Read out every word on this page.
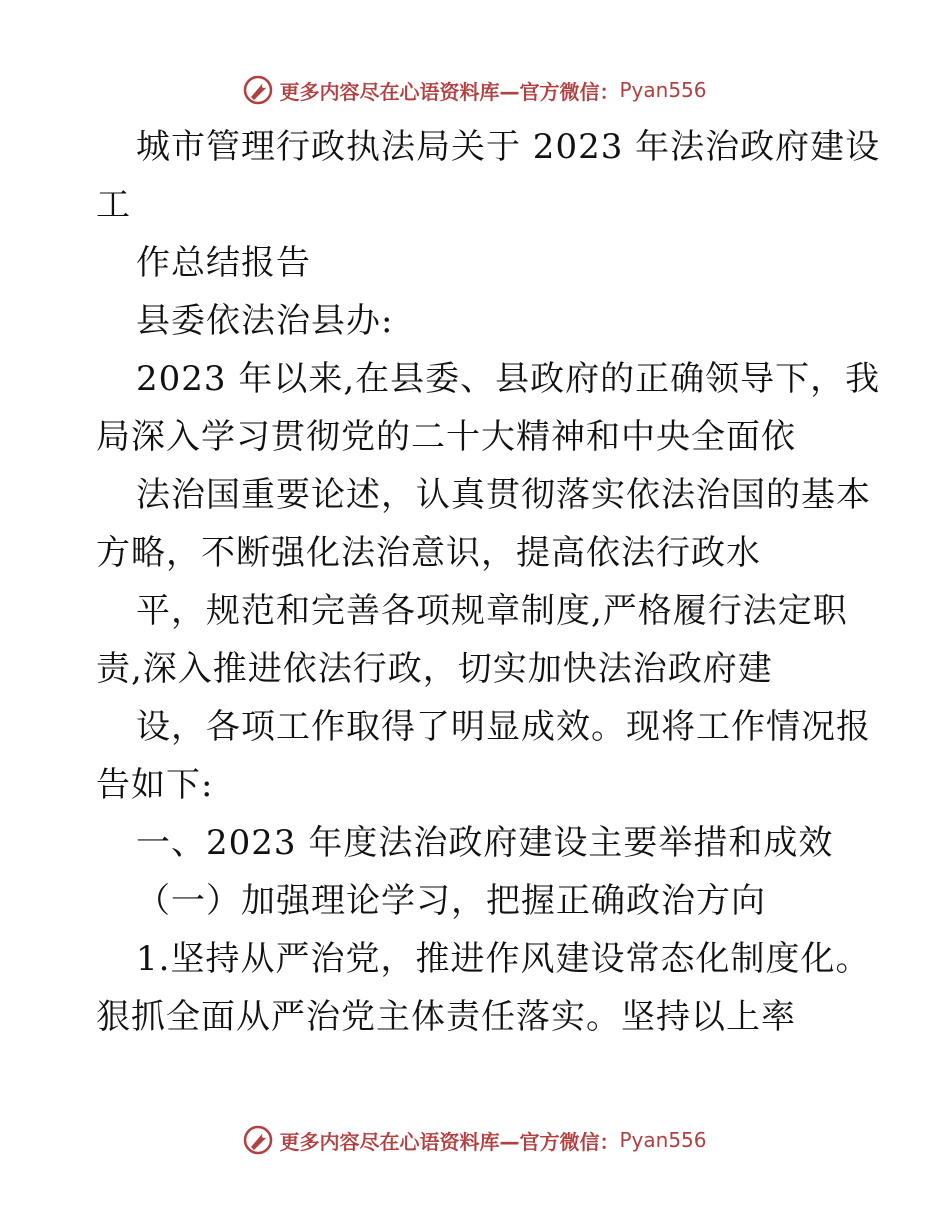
更多内容尽在心语资料库—官方微信： Pyan556
城市管理行政执法局关于 2023 年法治政府建设
工
作总结报告
县委依法治县办:
2023 年以来,在县委、县政府的正确领导下，我
局深入学习贯彻党的二十大精神和中央全面依
法治国重要论述，认真贯彻落实依法治国的基本
方略，不断强化法治意识，提高依法行政水
平，规范和完善各项规章制度,严格履行法定职
责,深入推进依法行政，切实加快法治政府建
设，各项工作取得了明显成效。现将工作情况报
告如下:
一、2023 年度法治政府建设主要举措和成效
（一）加强理论学习，把握正确政治方向
1.坚持从严治党，推进作风建设常态化制度化。
狠抓全面从严治党主体责任落实。坚持以上率
更多内容尽在心语资料库—官方微信： Pyan556
